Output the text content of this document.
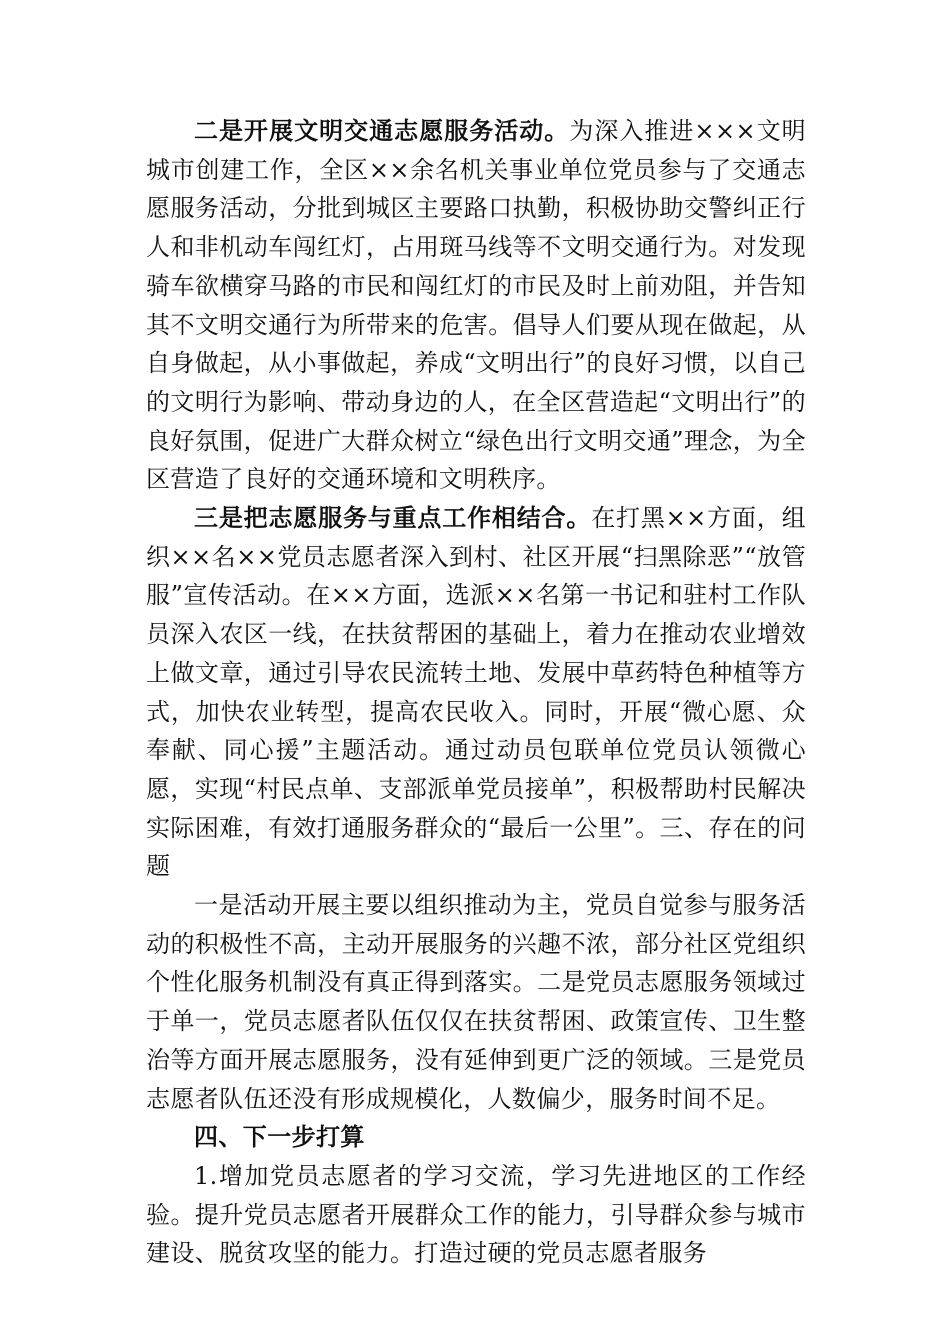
二是开展文明交通志愿服务活动。为深入推进×××文明城市创建工作，全区××余名机关事业单位党员参与了交通志愿服务活动，分批到城区主要路口执勤，积极协助交警纠正行人和非机动车闯红灯，占用斑马线等不文明交通行为。对发现骑车欲横穿马路的市民和闯红灯的市民及时上前劝阻，并告知其不文明交通行为所带来的危害。倡导人们要从现在做起，从自身做起，从小事做起，养成“文明出行”的良好习惯，以自己的文明行为影响、带动身边的人，在全区营造起“文明出行”的良好氛围，促进广大群众树立“绿色出行文明交通”理念，为全区营造了良好的交通环境和文明秩序。

三是把志愿服务与重点工作相结合。在打黑××方面，组织××名××党员志愿者深入到村、社区开展“扫黑除恶”“放管服”宣传活动。在××方面，选派××名第一书记和驻村工作队员深入农区一线，在扶贫帮困的基础上，着力在推动农业增效上做文章，通过引导农民流转土地、发展中草药特色种植等方式，加快农业转型，提高农民收入。同时，开展“微心愿、众奉献、同心援”主题活动。通过动员包联单位党员认领微心愿，实现“村民点单、支部派单党员接单”，积极帮助村民解决实际困难，有效打通服务群众的“最后一公里”。三、存在的问题

一是活动开展主要以组织推动为主，党员自觉参与服务活动的积极性不高，主动开展服务的兴趣不浓，部分社区党组织个性化服务机制没有真正得到落实。二是党员志愿服务领域过于单一，党员志愿者队伍仅仅在扶贫帮困、政策宣传、卫生整治等方面开展志愿服务，没有延伸到更广泛的领域。三是党员志愿者队伍还没有形成规模化，人数偏少，服务时间不足。

四、下一步打算

1.增加党员志愿者的学习交流，学习先进地区的工作经验。提升党员志愿者开展群众工作的能力，引导群众参与城市建设、脱贫攻坚的能力。打造过硬的党员志愿者服务
